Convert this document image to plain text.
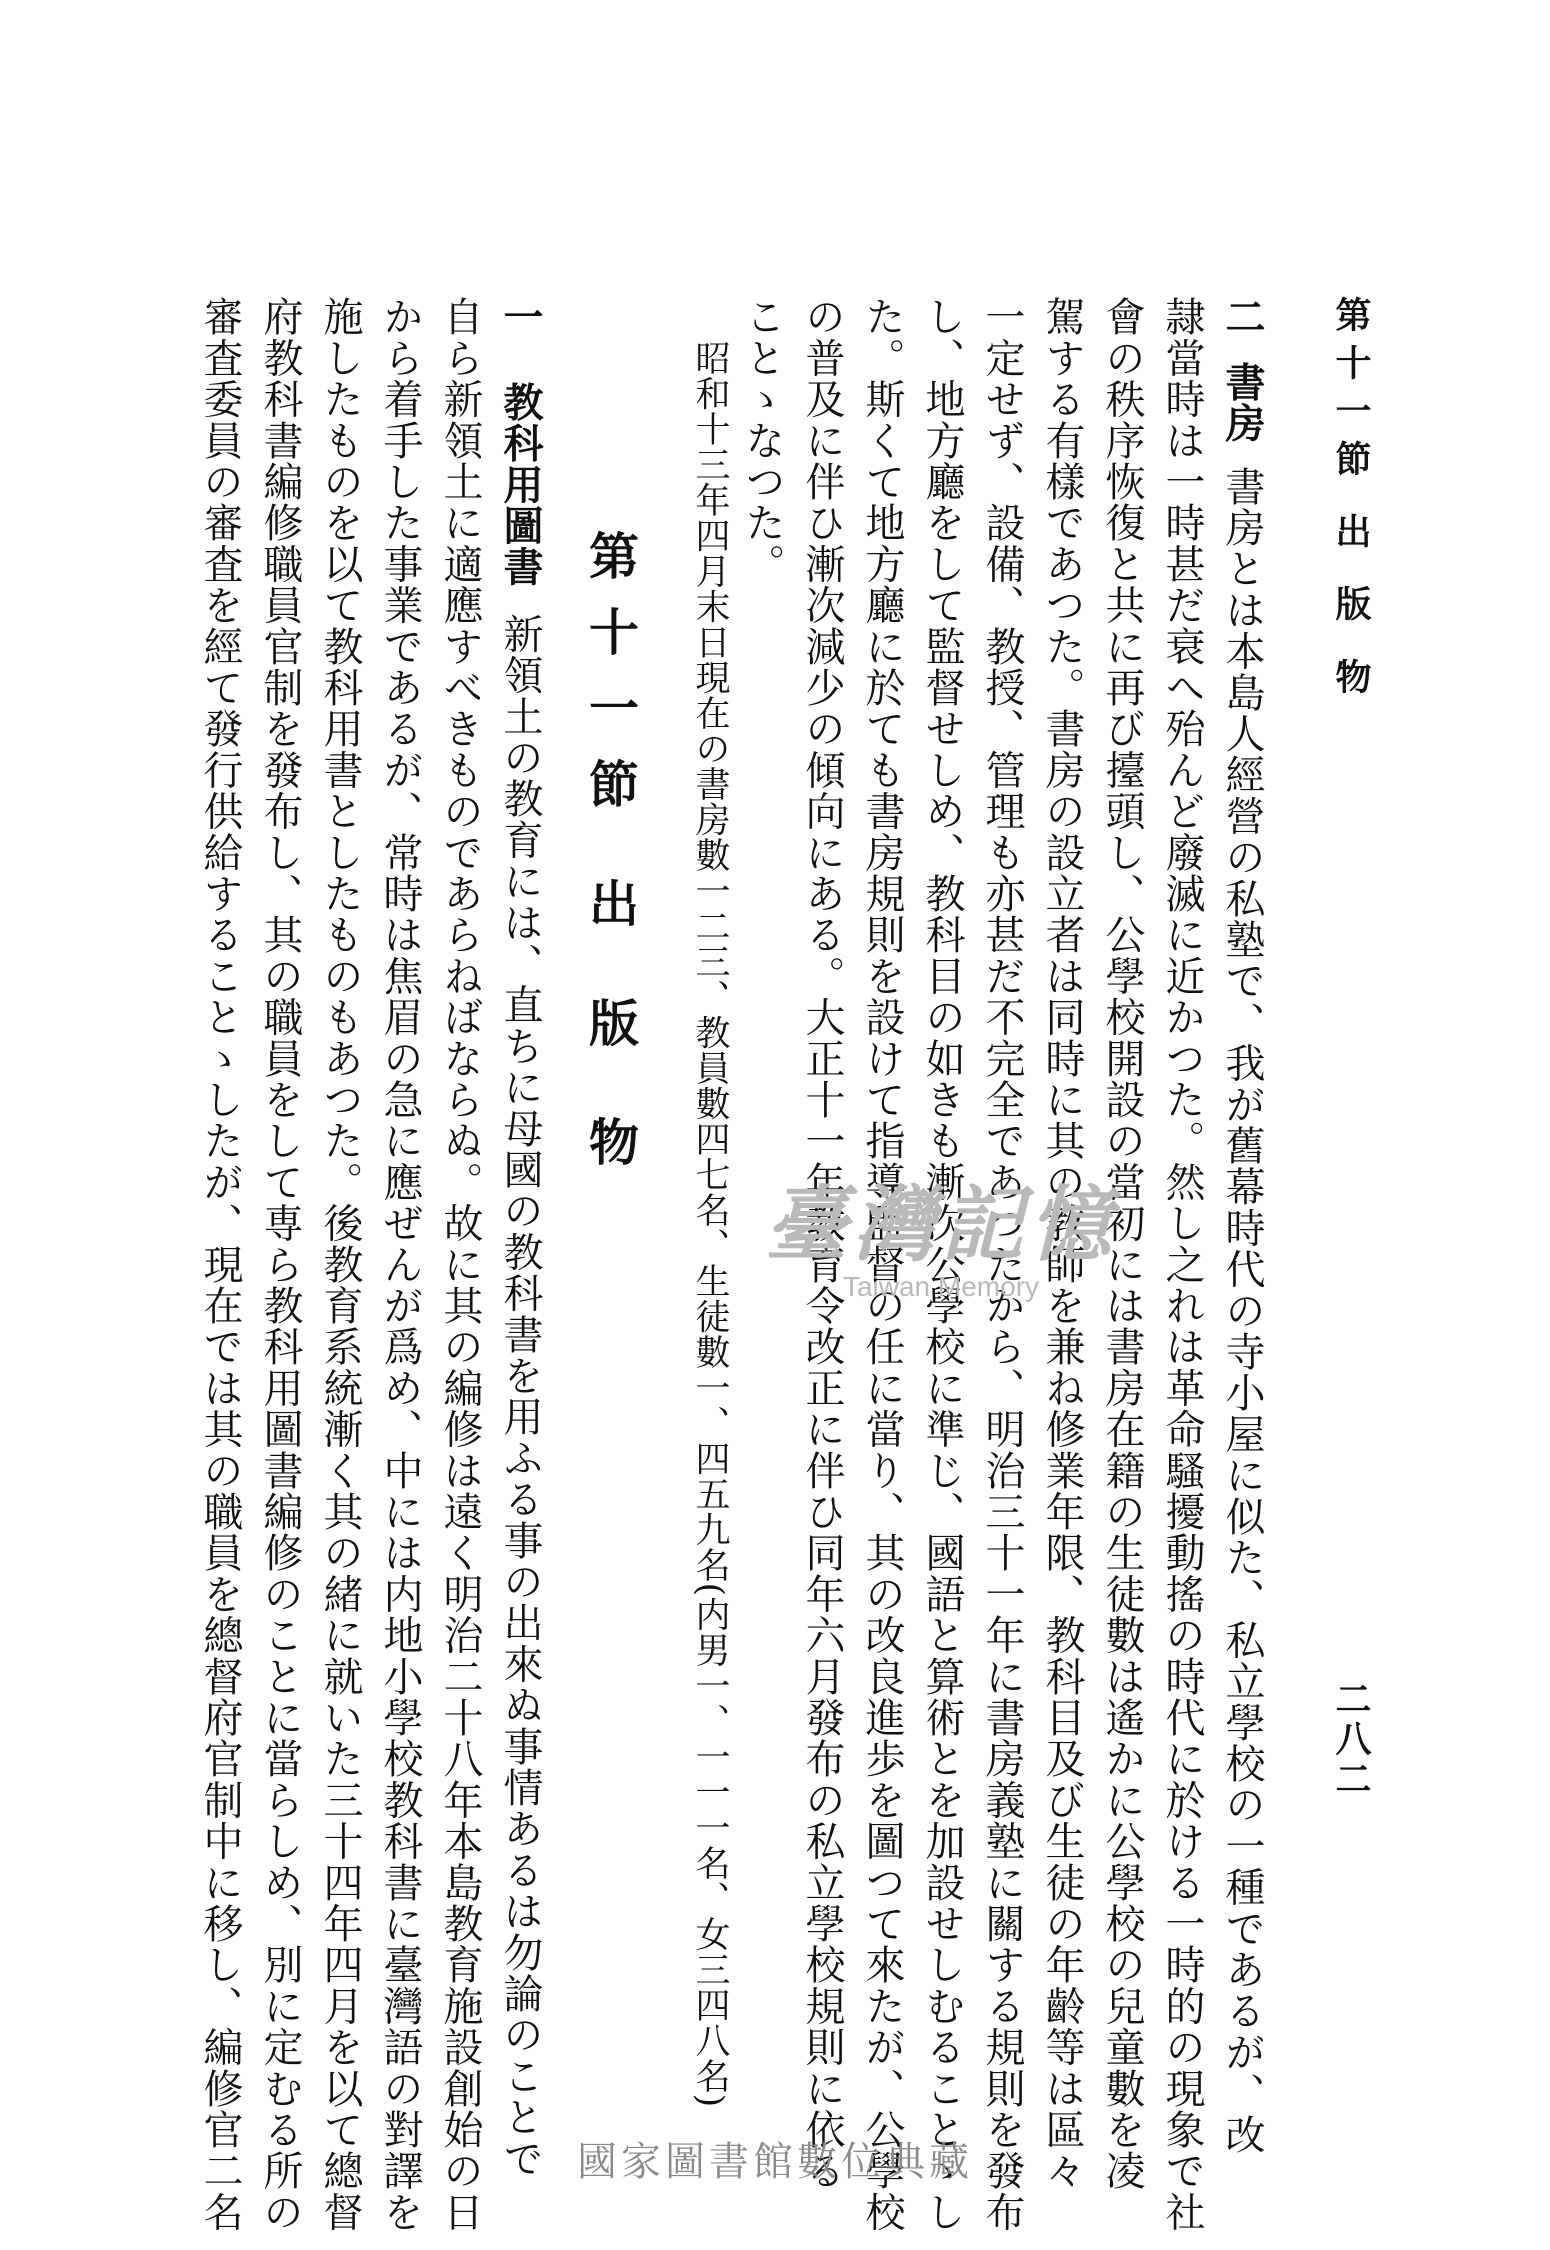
第十一節 出 版 物
二八二
二書房書房とは本島人經營の私塾で、我が舊幕時代の寺小屋に似た、私立學校の一種であるが、改
隷當時は一時甚だ衰へ殆んど廢滅に近かつた。然し之れは革命騷擾動搖の時代に於ける一時的の現象で社
會の秩序恢復と共に再び擡頭し、公學校開設の當初には書房在籍の生徒數は遙かに公學校の兒童數を凌
駕する有樣であつた。書房の設立者は同時に其の教師を兼ね修業年限、教科目及び生徒の年齡等は區々
一定せず、設備、教授、管理も亦甚だ不完全であつたから、明治三十一年に書房義塾に關する規則を發布
し、地方廳をして監督せしめ、教科目の如きも漸次公學校に準じ、國語と算術とを加設せしむることゝし
た。斯くて地方廳に於ても書房規則を設けて指導監督の任に當り、其の改良進歩を圖つて來たが、公學校
の普及に伴ひ漸次減少の傾向にある。大正十一年教育令改正に伴ひ同年六月發布の私立學校規則に依る
ことゝなつた。
昭和十三年四月末日現在の書房數一二三、教員數四七名、生徒數一、四五九名(内男一、一一一名、女三四八名)
第十一節 出 版 物
一教科用圖書新領土の教育には、直ちに母國の教科書を用ふる事の出來ぬ事情あるは勿論のことで
自ら新領土に適應すべきものであらねばならぬ。故に其の編修は遠く明治二十八年本島教育施設創始の日
から着手した事業であるが、常時は焦眉の急に應ぜんが爲め、中には内地小學校教科書に臺灣語の對譯を
施したものを以て教科用書としたものもあつた。後教育系統漸く其の緒に就いた三十四年四月を以て總督
府教科書編修職員官制を發布し、其の職員をして専ら教科用圖書編修のことに當らしめ、別に定むる所の
審査委員の審査を經て發行供給することゝしたが、現在では其の職員を總督府官制中に移し、編修官二名	臺灣記憶
Taiwan Memory
國家圖書館數位典藏
